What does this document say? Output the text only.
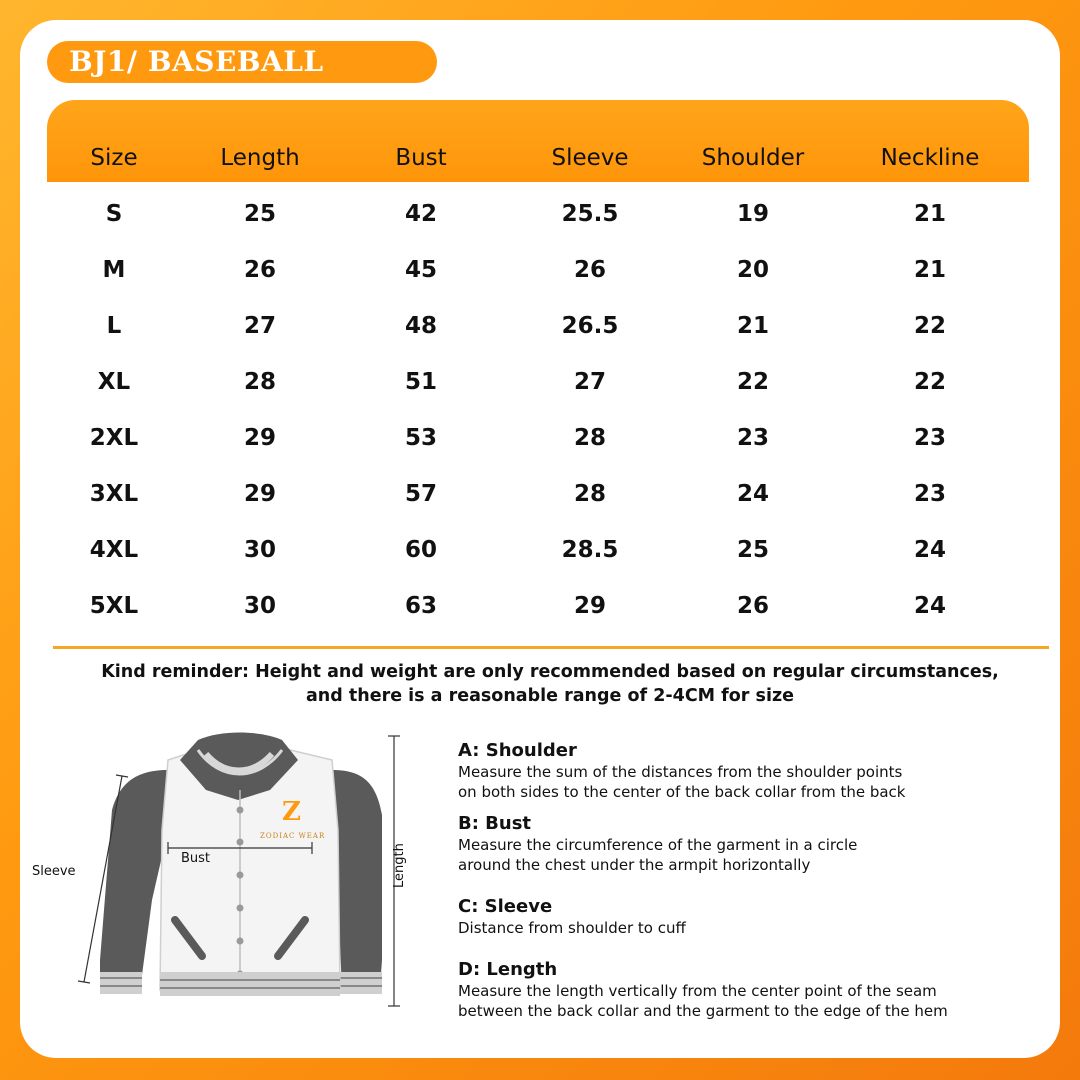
BJ1/ BASEBALL
Size	Length	Bust	Sleeve	Shoulder	Neckline
S	25	42	25.5	19	21
M	26	45	26	20	21
L	27	48	26.5	21	22
XL	28	51	27	22	22
2XL	29	53	28	23	23
3XL	29	57	28	24	23
4XL	30	60	28.5	25	24
5XL	30	63	29	26	24
Kind reminder: Height and weight are only recommended based on regular circumstances,
and there is a reasonable range of 2-4CM for size
Z
ZODIAC WEAR
Sleeve
Bust	Length
A: Shoulder

Measure the sum of the distances from the shoulder points

on both sides to the center of the back collar from the back

B: Bust

Measure the circumference of the garment in a circle

around the chest under the armpit horizontally

C: Sleeve

Distance from shoulder to cuff

D: Length

Measure the length vertically from the center point of the seam

between the back collar and the garment to the edge of the hem
